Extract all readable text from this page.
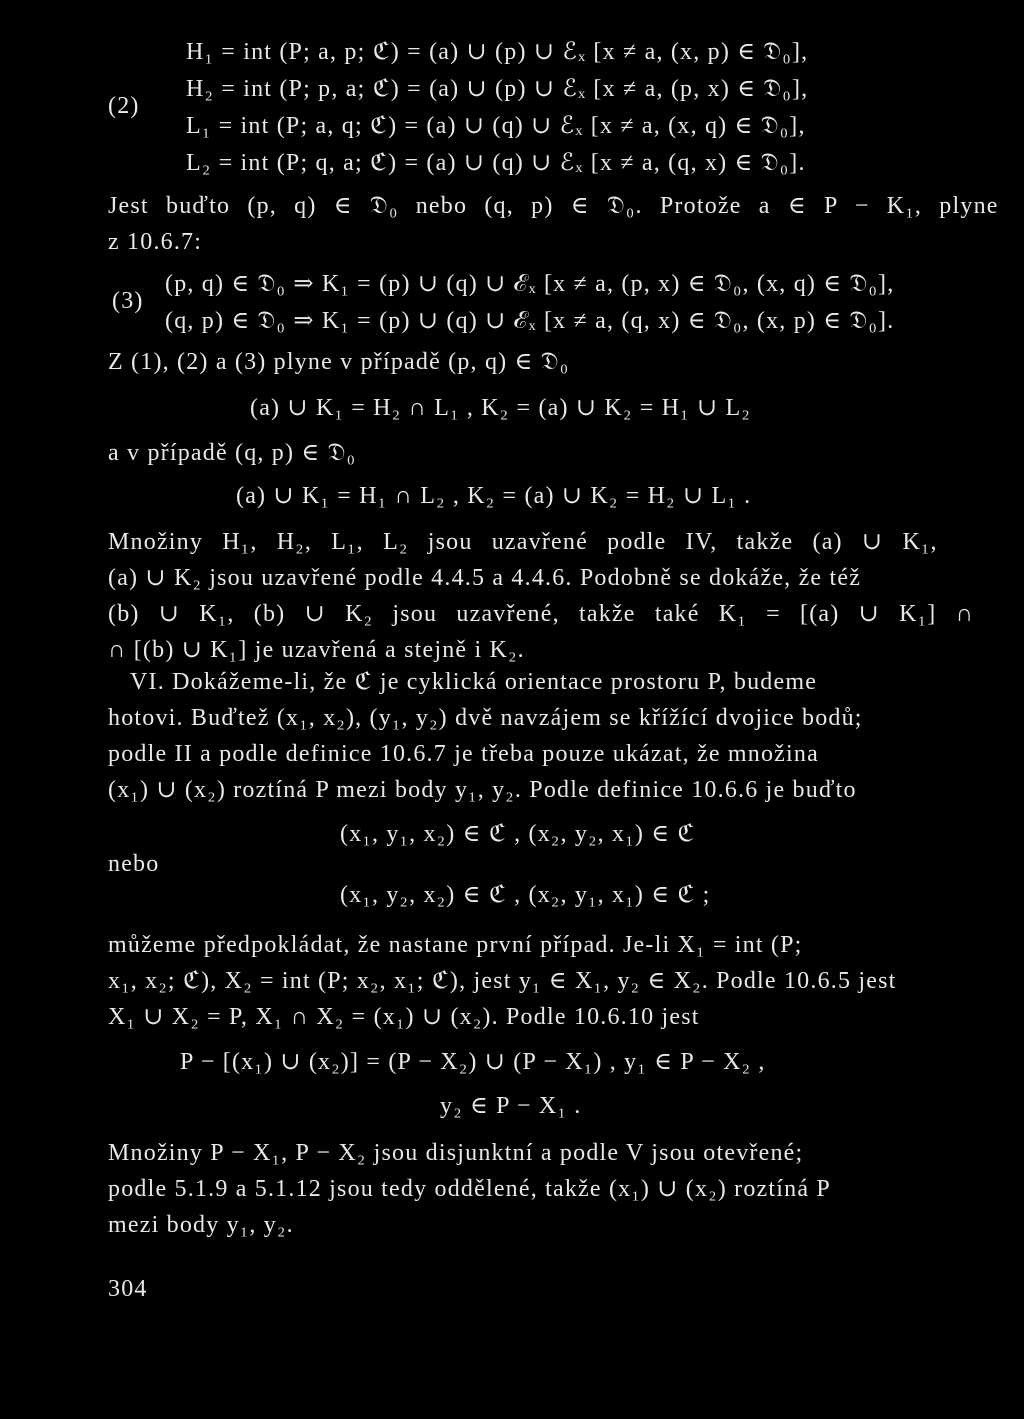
(2)
H₁ = int (P; a, p; ℭ) = (a) ∪ (p) ∪ ℰₓ [x ≠ a, (x, p) ∈ 𝔇₀],
H₂ = int (P; p, a; ℭ) = (a) ∪ (p) ∪ ℰₓ [x ≠ a, (p, x) ∈ 𝔇₀],
L₁ = int (P; a, q; ℭ) = (a) ∪ (q) ∪ ℰₓ [x ≠ a, (x, q) ∈ 𝔇₀],
L₂ = int (P; q, a; ℭ) = (a) ∪ (q) ∪ ℰₓ [x ≠ a, (q, x) ∈ 𝔇₀].
Jest buďto (p, q) ∈ 𝔇₀ nebo (q, p) ∈ 𝔇₀. Protože a ∈ P − K₁, plyne
z 10.6.7:
(3)
(p, q) ∈ 𝔇₀ ⇒ K₁ = (p) ∪ (q) ∪ ℰₓ [x ≠ a, (p, x) ∈ 𝔇₀, (x, q) ∈ 𝔇₀],
(q, p) ∈ 𝔇₀ ⇒ K₁ = (p) ∪ (q) ∪ ℰₓ [x ≠ a, (q, x) ∈ 𝔇₀, (x, p) ∈ 𝔇₀].
Z (1), (2) a (3) plyne v případě (p, q) ∈ 𝔇₀
(a) ∪ K₁ = H₂ ∩ L₁ , K₂ = (a) ∪ K₂ = H₁ ∪ L₂
a v případě (q, p) ∈ 𝔇₀
(a) ∪ K₁ = H₁ ∩ L₂ , K₂ = (a) ∪ K₂ = H₂ ∪ L₁ .
Množiny H₁, H₂, L₁, L₂ jsou uzavřené podle IV, takže (a) ∪ K₁,
(a) ∪ K₂ jsou uzavřené podle 4.4.5 a 4.4.6. Podobně se dokáže, že též
(b) ∪ K₁, (b) ∪ K₂ jsou uzavřené, takže také K₁ = [(a) ∪ K₁] ∩
∩ [(b) ∪ K₁] je uzavřená a stejně i K₂.
VI. Dokážeme-li, že ℭ je cyklická orientace prostoru P, budeme
hotovi. Buďtež (x₁, x₂), (y₁, y₂) dvě navzájem se křížící dvojice bodů;
podle II a podle definice 10.6.7 je třeba pouze ukázat, že množina
(x₁) ∪ (x₂) roztíná P mezi body y₁, y₂. Podle definice 10.6.6 je buďto
(x₁, y₁, x₂) ∈ ℭ , (x₂, y₂, x₁) ∈ ℭ
nebo
(x₁, y₂, x₂) ∈ ℭ , (x₂, y₁, x₁) ∈ ℭ ;
můžeme předpokládat, že nastane první případ. Je-li X₁ = int (P;
x₁, x₂; ℭ), X₂ = int (P; x₂, x₁; ℭ), jest y₁ ∈ X₁, y₂ ∈ X₂. Podle 10.6.5 jest
X₁ ∪ X₂ = P, X₁ ∩ X₂ = (x₁) ∪ (x₂). Podle 10.6.10 jest
P − [(x₁) ∪ (x₂)] = (P − X₂) ∪ (P − X₁) , y₁ ∈ P − X₂ ,
y₂ ∈ P − X₁ .
Množiny P − X₁, P − X₂ jsou disjunktní a podle V jsou otevřené;
podle 5.1.9 a 5.1.12 jsou tedy oddělené, takže (x₁) ∪ (x₂) roztíná P
mezi body y₁, y₂.
304
